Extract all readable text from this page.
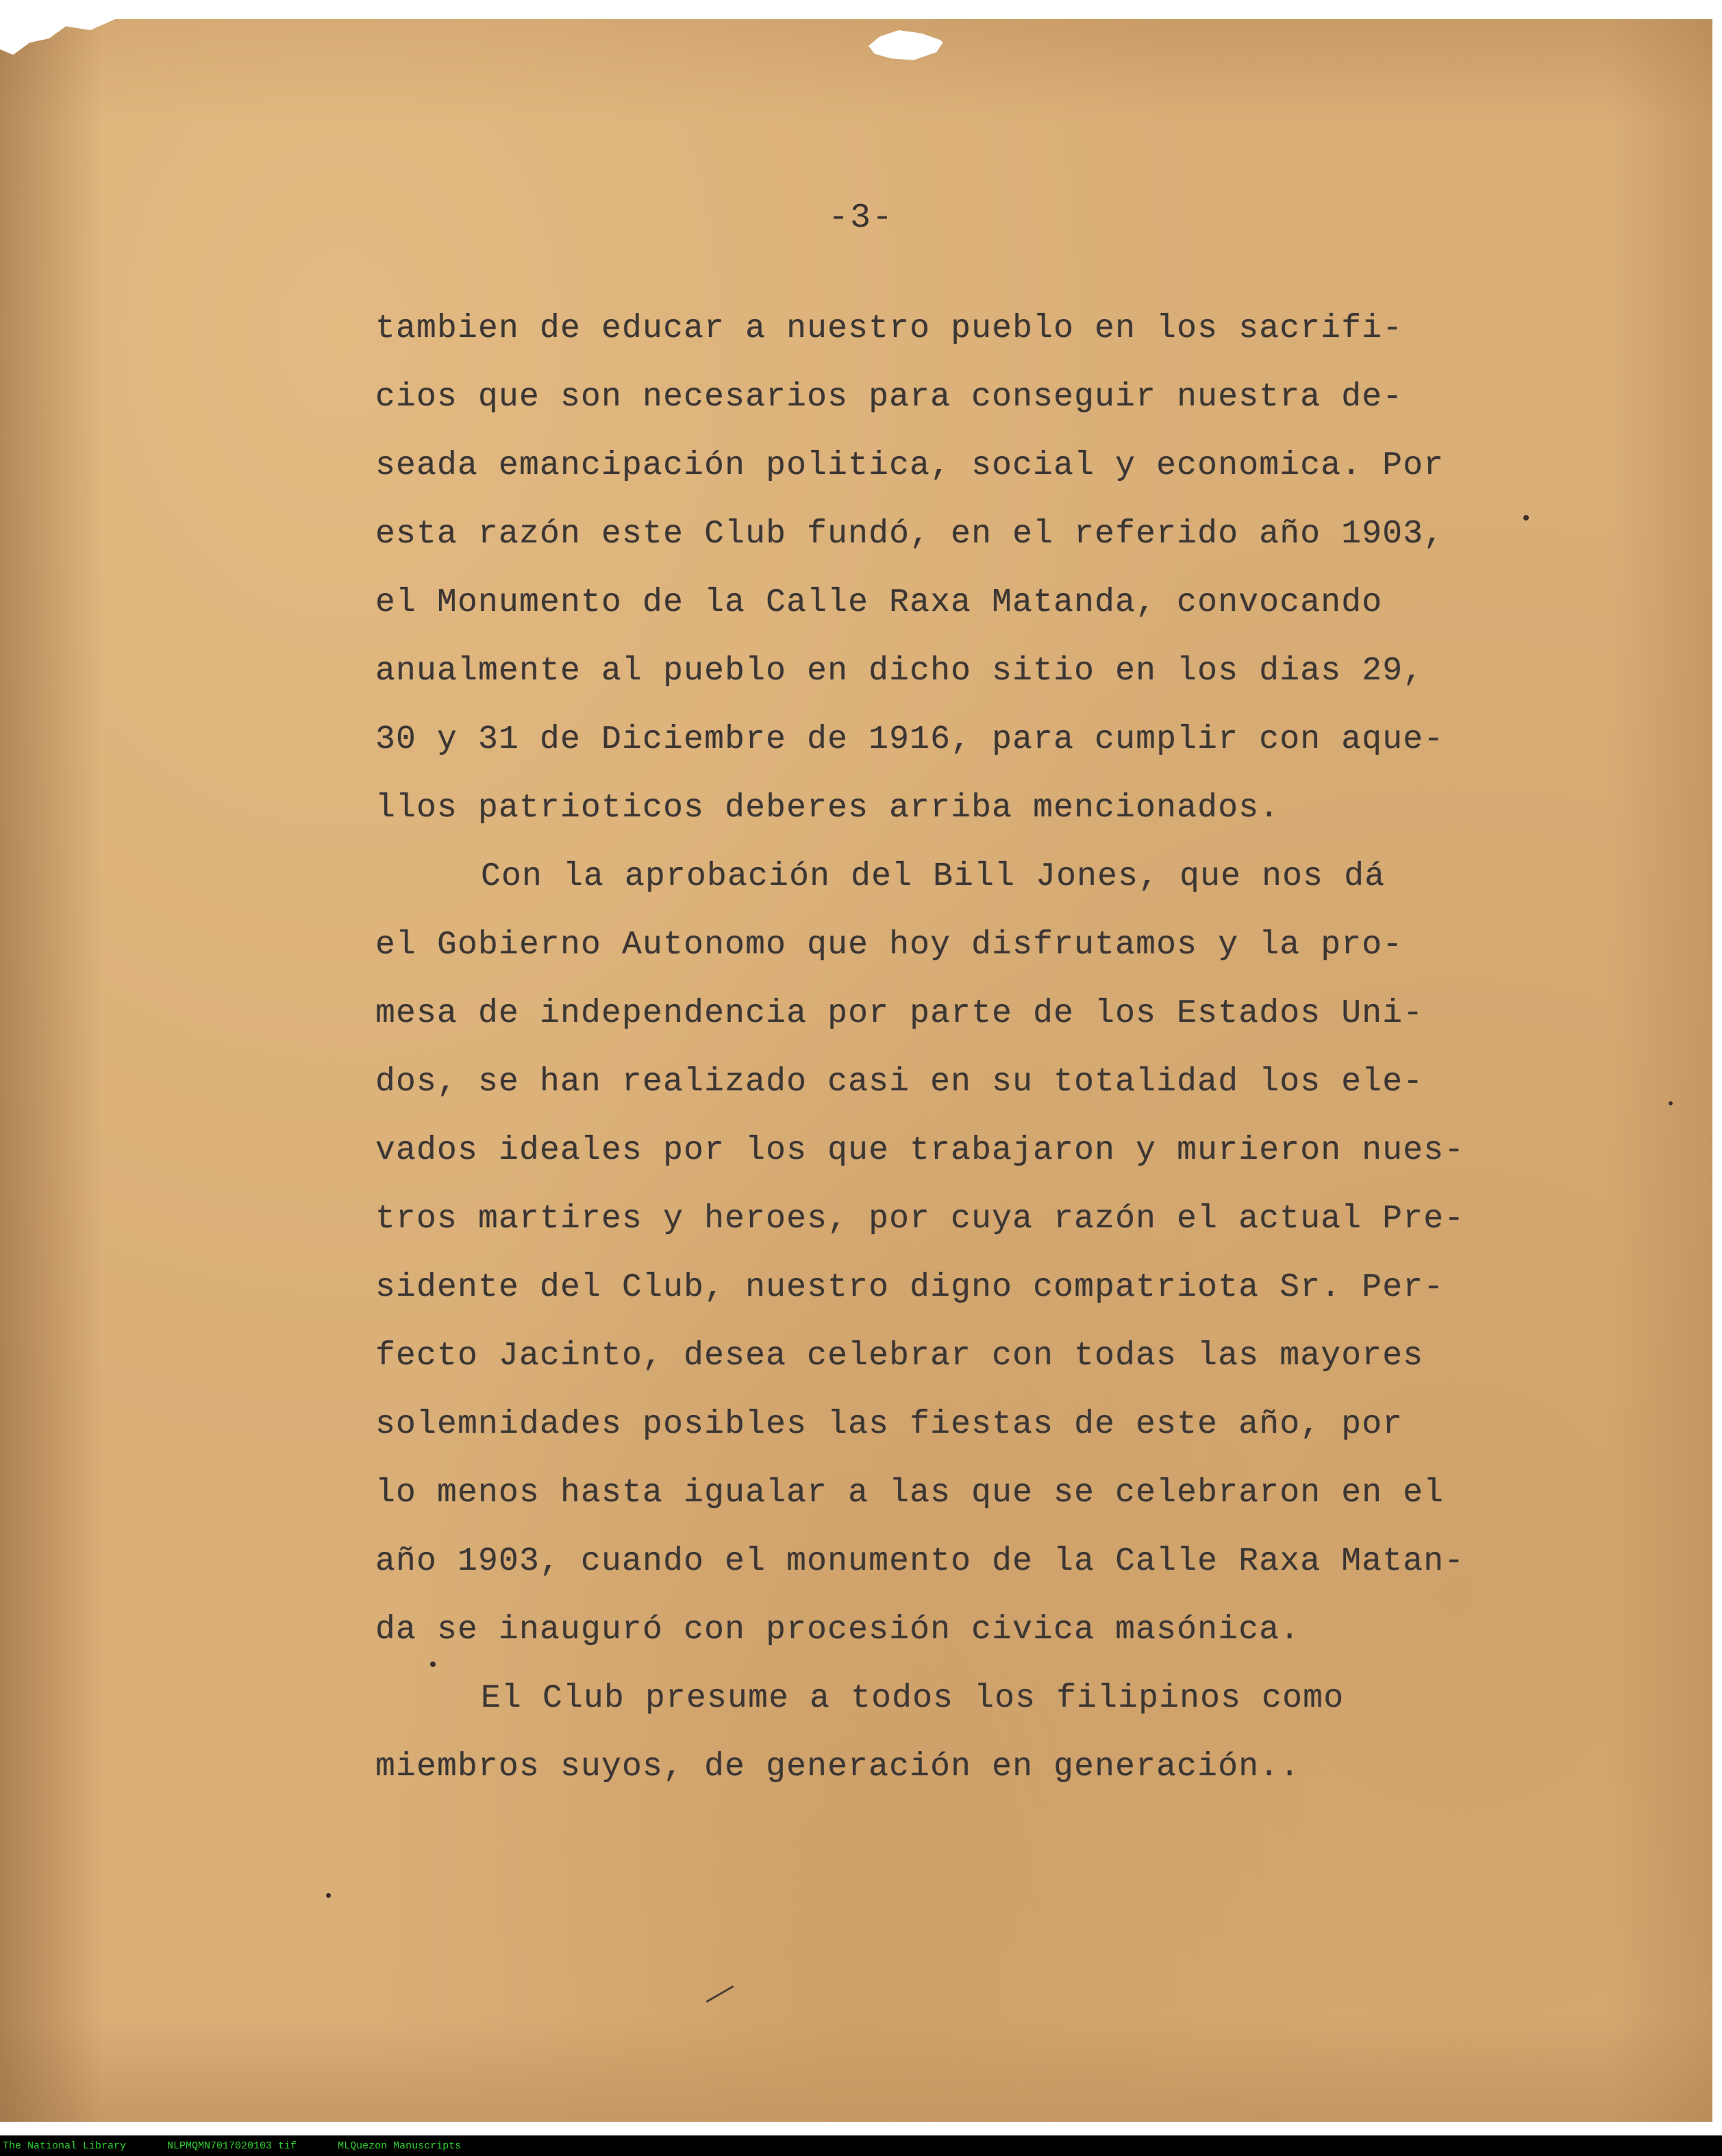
-3-
tambien de educar a nuestro pueblo en los sacrifi-
cios que son necesarios para conseguir nuestra de-
seada emancipación politica, social y economica. Por
esta razón este Club fundó, en el referido año 1903,
el Monumento de la Calle Raxa Matanda, convocando
anualmente al pueblo en dicho sitio en los dias 29,
30 y 31 de Diciembre de 1916, para cumplir con aque-
llos patrioticos deberes arriba mencionados.
Con la aprobación del Bill Jones, que nos dá
el Gobierno Autonomo que hoy disfrutamos y la pro-
mesa de independencia por parte de los Estados Uni-
dos, se han realizado casi en su totalidad los ele-
vados ideales por los que trabajaron y murieron nues-
tros martires y heroes, por cuya razón el actual Pre-
sidente del Club, nuestro digno compatriota Sr. Per-
fecto Jacinto, desea celebrar con todas las mayores
solemnidades posibles las fiestas de este año, por
lo menos hasta igualar a las que se celebraron en el
año 1903, cuando el monumento de la Calle Raxa Matan-
da se inauguró con procesión civica masónica.
El Club presume a todos los filipinos como
miembros suyos, de generación en generación..
The National Library	NLPMQMN7017020103 tif	MLQuezon Manuscripts
